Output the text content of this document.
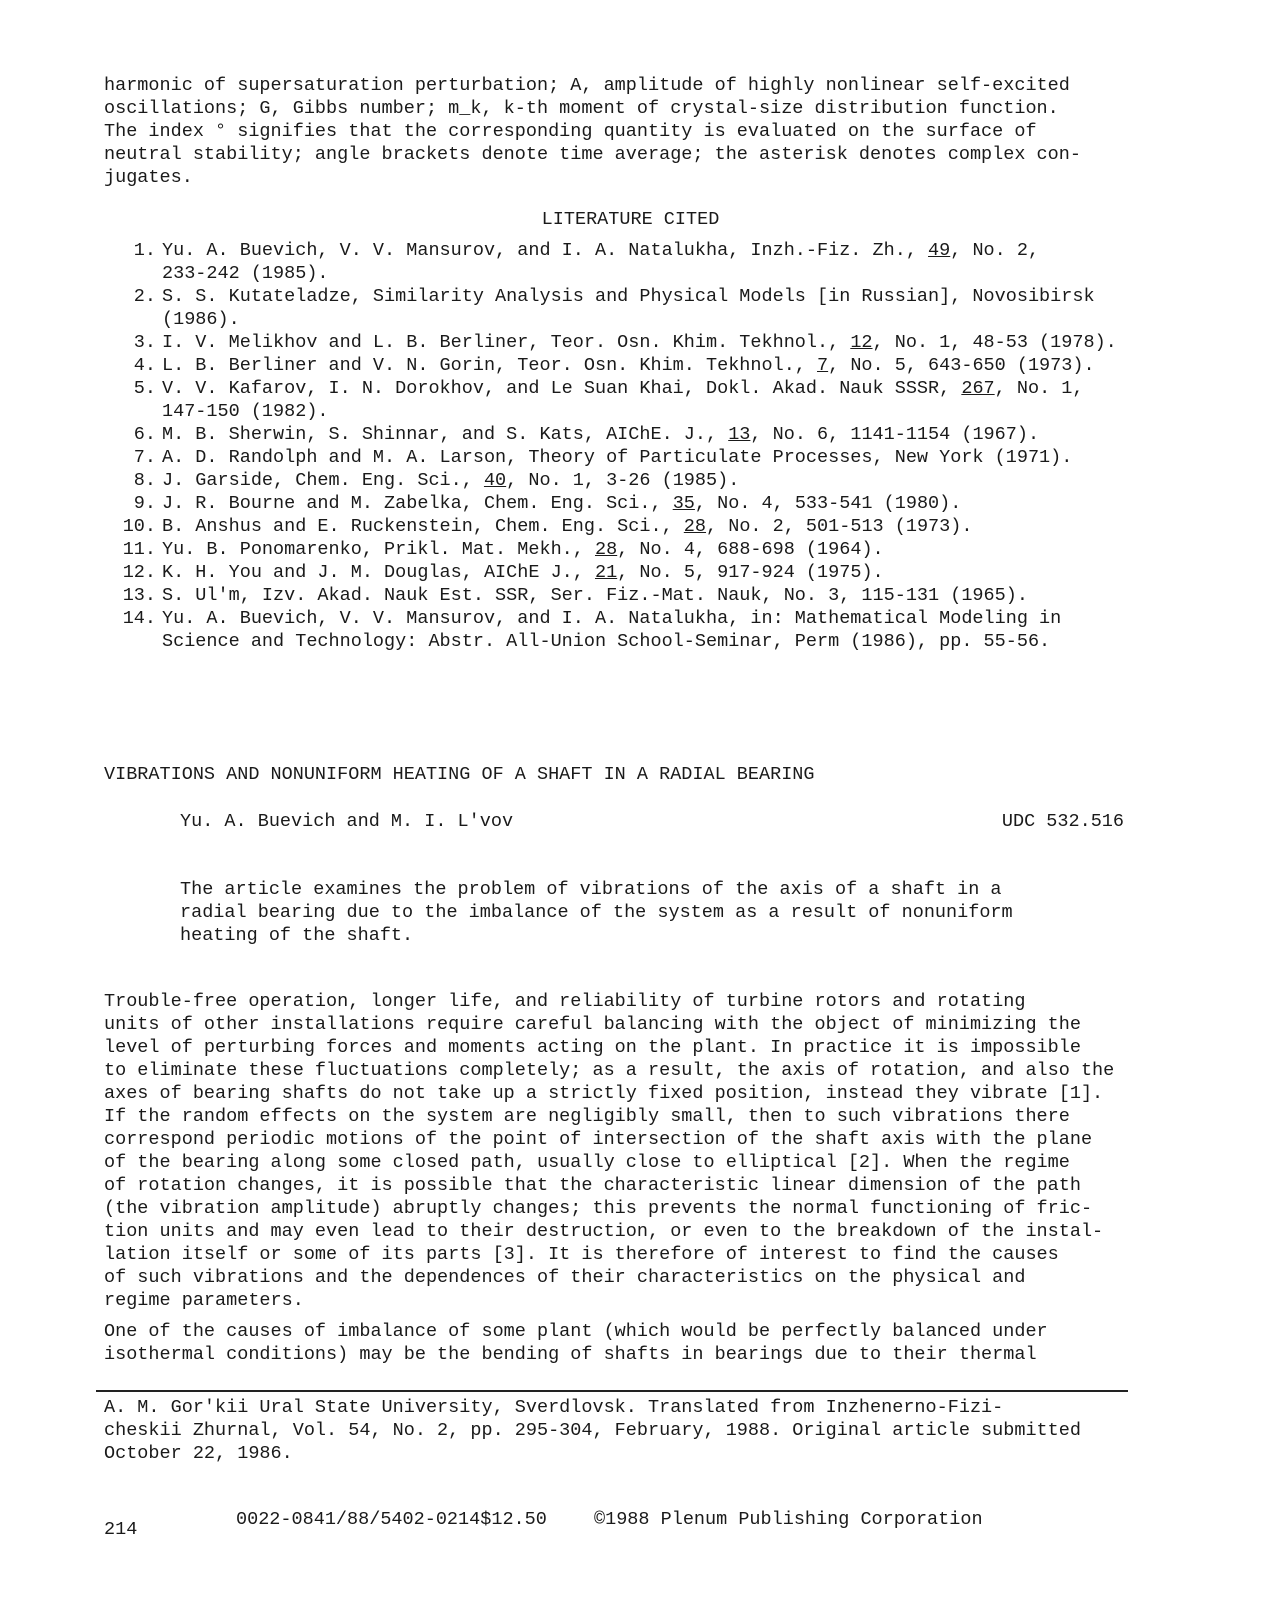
harmonic of supersaturation perturbation; A, amplitude of highly nonlinear self-excited
oscillations; G, Gibbs number; m_k, k-th moment of crystal-size distribution function.
The index ° signifies that the corresponding quantity is evaluated on the surface of
neutral stability; angle brackets denote time average; the asterisk denotes complex con-
jugates.
LITERATURE CITED
1. Yu. A. Buevich, V. V. Mansurov, and I. A. Natalukha, Inzh.-Fiz. Zh., 49, No. 2,
233-242 (1985).
2. S. S. Kutateladze, Similarity Analysis and Physical Models [in Russian], Novosibirsk
(1986).
3. I. V. Melikhov and L. B. Berliner, Teor. Osn. Khim. Tekhnol., 12, No. 1, 48-53 (1978).
4. L. B. Berliner and V. N. Gorin, Teor. Osn. Khim. Tekhnol., 7, No. 5, 643-650 (1973).
5. V. V. Kafarov, I. N. Dorokhov, and Le Suan Khai, Dokl. Akad. Nauk SSSR, 267, No. 1,
147-150 (1982).
6. M. B. Sherwin, S. Shinnar, and S. Kats, AIChE. J., 13, No. 6, 1141-1154 (1967).
7. A. D. Randolph and M. A. Larson, Theory of Particulate Processes, New York (1971).
8. J. Garside, Chem. Eng. Sci., 40, No. 1, 3-26 (1985).
9. J. R. Bourne and M. Zabelka, Chem. Eng. Sci., 35, No. 4, 533-541 (1980).
10. B. Anshus and E. Ruckenstein, Chem. Eng. Sci., 28, No. 2, 501-513 (1973).
11. Yu. B. Ponomarenko, Prikl. Mat. Mekh., 28, No. 4, 688-698 (1964).
12. K. H. You and J. M. Douglas, AIChE J., 21, No. 5, 917-924 (1975).
13. S. Ul'm, Izv. Akad. Nauk Est. SSR, Ser. Fiz.-Mat. Nauk, No. 3, 115-131 (1965).
14. Yu. A. Buevich, V. V. Mansurov, and I. A. Natalukha, in: Mathematical Modeling in
Science and Technology: Abstr. All-Union School-Seminar, Perm (1986), pp. 55-56.
VIBRATIONS AND NONUNIFORM HEATING OF A SHAFT IN A RADIAL BEARING
Yu. A. Buevich and M. I. L'vov	UDC 532.516
The article examines the problem of vibrations of the axis of a shaft in a
radial bearing due to the imbalance of the system as a result of nonuniform
heating of the shaft.
Trouble-free operation, longer life, and reliability of turbine rotors and rotating
units of other installations require careful balancing with the object of minimizing the
level of perturbing forces and moments acting on the plant. In practice it is impossible
to eliminate these fluctuations completely; as a result, the axis of rotation, and also the
axes of bearing shafts do not take up a strictly fixed position, instead they vibrate [1].
If the random effects on the system are negligibly small, then to such vibrations there
correspond periodic motions of the point of intersection of the shaft axis with the plane
of the bearing along some closed path, usually close to elliptical [2]. When the regime
of rotation changes, it is possible that the characteristic linear dimension of the path
(the vibration amplitude) abruptly changes; this prevents the normal functioning of fric-
tion units and may even lead to their destruction, or even to the breakdown of the instal-
lation itself or some of its parts [3]. It is therefore of interest to find the causes
of such vibrations and the dependences of their characteristics on the physical and
regime parameters.
One of the causes of imbalance of some plant (which would be perfectly balanced under
isothermal conditions) may be the bending of shafts in bearings due to their thermal
A. M. Gor'kii Ural State University, Sverdlovsk. Translated from Inzhenerno-Fizi-
cheskii Zhurnal, Vol. 54, No. 2, pp. 295-304, February, 1988. Original article submitted
October 22, 1986.
214	0022-0841/88/5402-0214$12.50	©1988 Plenum Publishing Corporation
